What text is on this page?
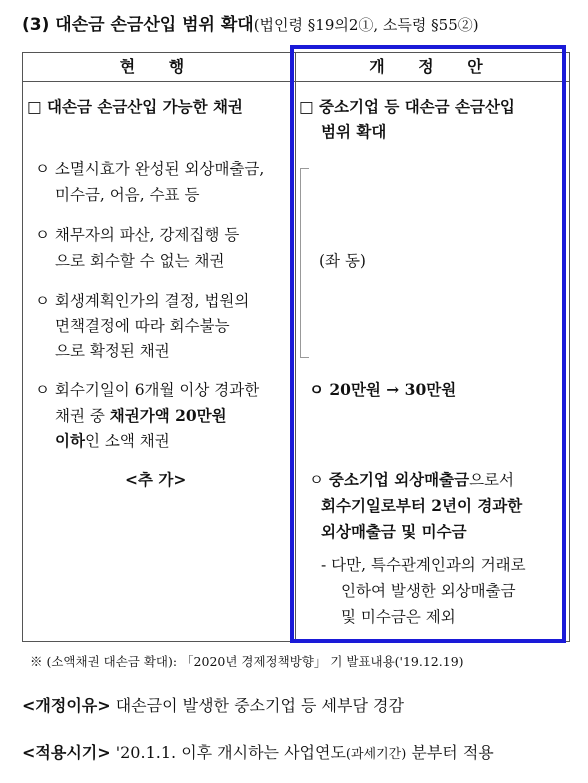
(3) 대손금 손금산입 범위 확대(법인령 §19의2①, 소득령 §55②)
현 행	개 정 안
□ 대손금 손금산입 가능한 채권
ㅇ 소멸시효가 완성된 외상매출금,
미수금, 어음, 수표 등
ㅇ 채무자의 파산, 강제집행 등
으로 회수할 수 없는 채권
ㅇ 회생계획인가의 결정, 법원의
면책결정에 따라 회수불능
으로 확정된 채권
ㅇ 회수기일이 6개월 이상 경과한
채권 중 채권가액 20만원
이하인 소액 채권
<추 가>
□ 중소기업 등 대손금 손금산입
범위 확대
(좌 동)
ㅇ 20만원 → 30만원
ㅇ 중소기업 외상매출금으로서
회수기일로부터 2년이 경과한
외상매출금 및 미수금
- 다만, 특수관계인과의 거래로
인하여 발생한 외상매출금
및 미수금은 제외
※ (소액채권 대손금 확대): 「2020년 경제정책방향」 기 발표내용('19.12.19)
<개정이유> 대손금이 발생한 중소기업 등 세부담 경감
<적용시기> '20.1.1. 이후 개시하는 사업연도(과세기간) 분부터 적용
